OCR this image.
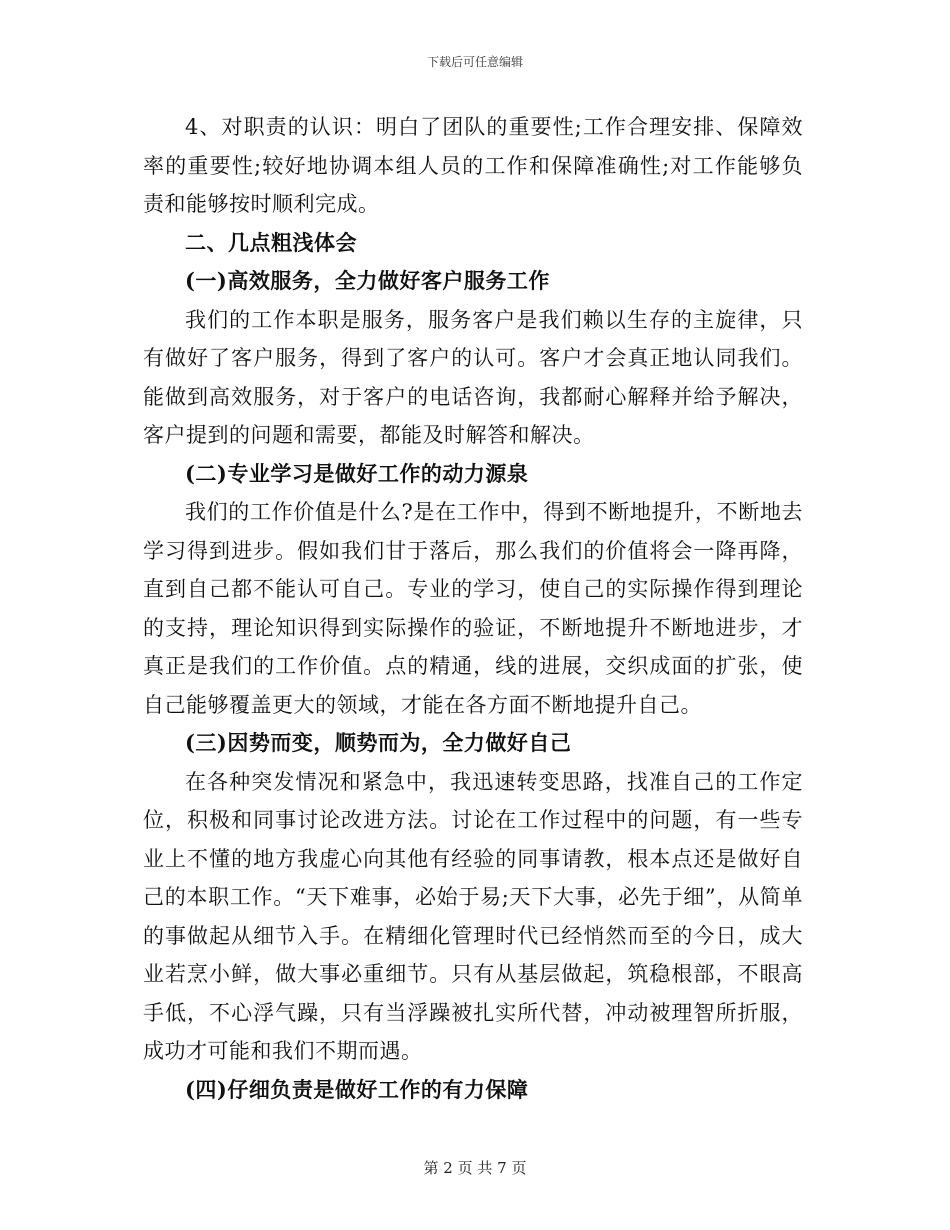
下载后可任意编辑

4、对职责的认识：明白了团队的重要性;工作合理安排、保障效率的重要性;较好地协调本组人员的工作和保障准确性;对工作能够负责和能够按时顺利完成。

二、几点粗浅体会

(一)高效服务，全力做好客户服务工作

我们的工作本职是服务，服务客户是我们赖以生存的主旋律，只有做好了客户服务，得到了客户的认可。客户才会真正地认同我们。能做到高效服务，对于客户的电话咨询，我都耐心解释并给予解决，客户提到的问题和需要，都能及时解答和解决。

(二)专业学习是做好工作的动力源泉

我们的工作价值是什么?是在工作中，得到不断地提升，不断地去学习得到进步。假如我们甘于落后，那么我们的价值将会一降再降，直到自己都不能认可自己。专业的学习，使自己的实际操作得到理论的支持，理论知识得到实际操作的验证，不断地提升不断地进步，才真正是我们的工作价值。点的精通，线的进展，交织成面的扩张，使自己能够覆盖更大的领域，才能在各方面不断地提升自己。

(三)因势而变，顺势而为，全力做好自己

在各种突发情况和紧急中，我迅速转变思路，找准自己的工作定位，积极和同事讨论改进方法。讨论在工作过程中的问题，有一些专业上不懂的地方我虚心向其他有经验的同事请教，根本点还是做好自己的本职工作。“天下难事，必始于易;天下大事，必先于细”，从简单的事做起从细节入手。在精细化管理时代已经悄然而至的今日，成大业若烹小鲜，做大事必重细节。只有从基层做起，筑稳根部，不眼高手低，不心浮气躁，只有当浮躁被扎实所代替，冲动被理智所折服，成功才可能和我们不期而遇。

(四)仔细负责是做好工作的有力保障

第 2 页 共 7 页
